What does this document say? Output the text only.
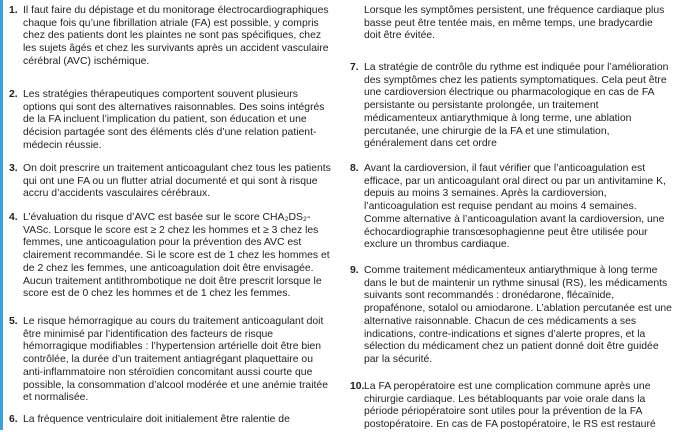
1. Il faut faire du dépistage et du monitorage électrocardiographiques chaque fois qu’une fibrillation atriale (FA) est possible, y compris chez des patients dont les plaintes ne sont pas spécifiques, chez les sujets âgés et chez les survivants après un accident vasculaire cérébral (AVC) ischémique.
2. Les stratégies thérapeutiques comportent souvent plusieurs options qui sont des alternatives raisonnables. Des soins intégrés de la FA incluent l’implication du patient, son éducation et une décision partagée sont des éléments clés d’une relation patient-médecin réussie.
3. On doit prescrire un traitement anticoagulant chez tous les patients qui ont une FA ou un flutter atrial documenté et qui sont à risque accru d’accidents vasculaires cérébraux.
4. L’évaluation du risque d’AVC est basée sur le score CHA₂DS₂-VASc. Lorsque le score est ≥ 2 chez les hommes et ≥ 3 chez les femmes, une anticoagulation pour la prévention des AVC est clairement recommandée. Si le score est de 1 chez les hommes et de 2 chez les femmes, une anticoagulation doit être envisagée. Aucun traitement antithrombotique ne doit être prescrit lorsque le score est de 0 chez les hommes et de 1 chez les femmes.
5. Le risque hémorragique au cours du traitement anticoagulant doit être minimisé par l’identification des facteurs de risque hémorragique modifiables : l’hypertension artérielle doit être bien contrôlée, la durée d’un traitement antiagrégant plaquettaire ou anti-inflammatoire non stéroïdien concomitant aussi courte que possible, la consommation d’alcool modérée et une anémie traitée et normalisée.
6. La fréquence ventriculaire doit initialement être ralentie de
Lorsque les symptômes persistent, une fréquence cardiaque plus basse peut être tentée mais, en même temps, une bradycardie doit être évitée.
7. La stratégie de contrôle du rythme est indiquée pour l’amélioration des symptômes chez les patients symptomatiques. Cela peut être une cardioversion électrique ou pharmacologique en cas de FA persistante ou persistante prolongée, un traitement médicamenteux antiarythmique à long terme, une ablation percutanée, une chirurgie de la FA et une stimulation, généralement dans cet ordre
8. Avant la cardioversion, il faut vérifier que l’anticoagulation est efficace, par un anticoagulant oral direct ou par un antivitamine K, depuis au moins 3 semaines. Après la cardioversion, l’anticoagulation est requise pendant au moins 4 semaines. Comme alternative à l’anticoagulation avant la cardioversion, une échocardiographie transœsophagienne peut être utilisée pour exclure un thrombus cardiaque.
9. Comme traitement médicamenteux antiarythmique à long terme dans le but de maintenir un rythme sinusal (RS), les médicaments suivants sont recommandés : dronédarone, flécaïnide, propafénone, sotalol ou amiodarone. L’ablation percutanée est une alternative raisonnable. Chacun de ces médicaments a ses indications, contre-indications et signes d’alerte propres, et la sélection du médicament chez un patient donné doit être guidée par la sécurité.
10. La FA peropératoire est une complication commune après une chirurgie cardiaque. Les bétabloquants par voie orale dans la période périopératoire sont utiles pour la prévention de la FA postopératoire. En cas de FA postopératoire, le RS est restauré
